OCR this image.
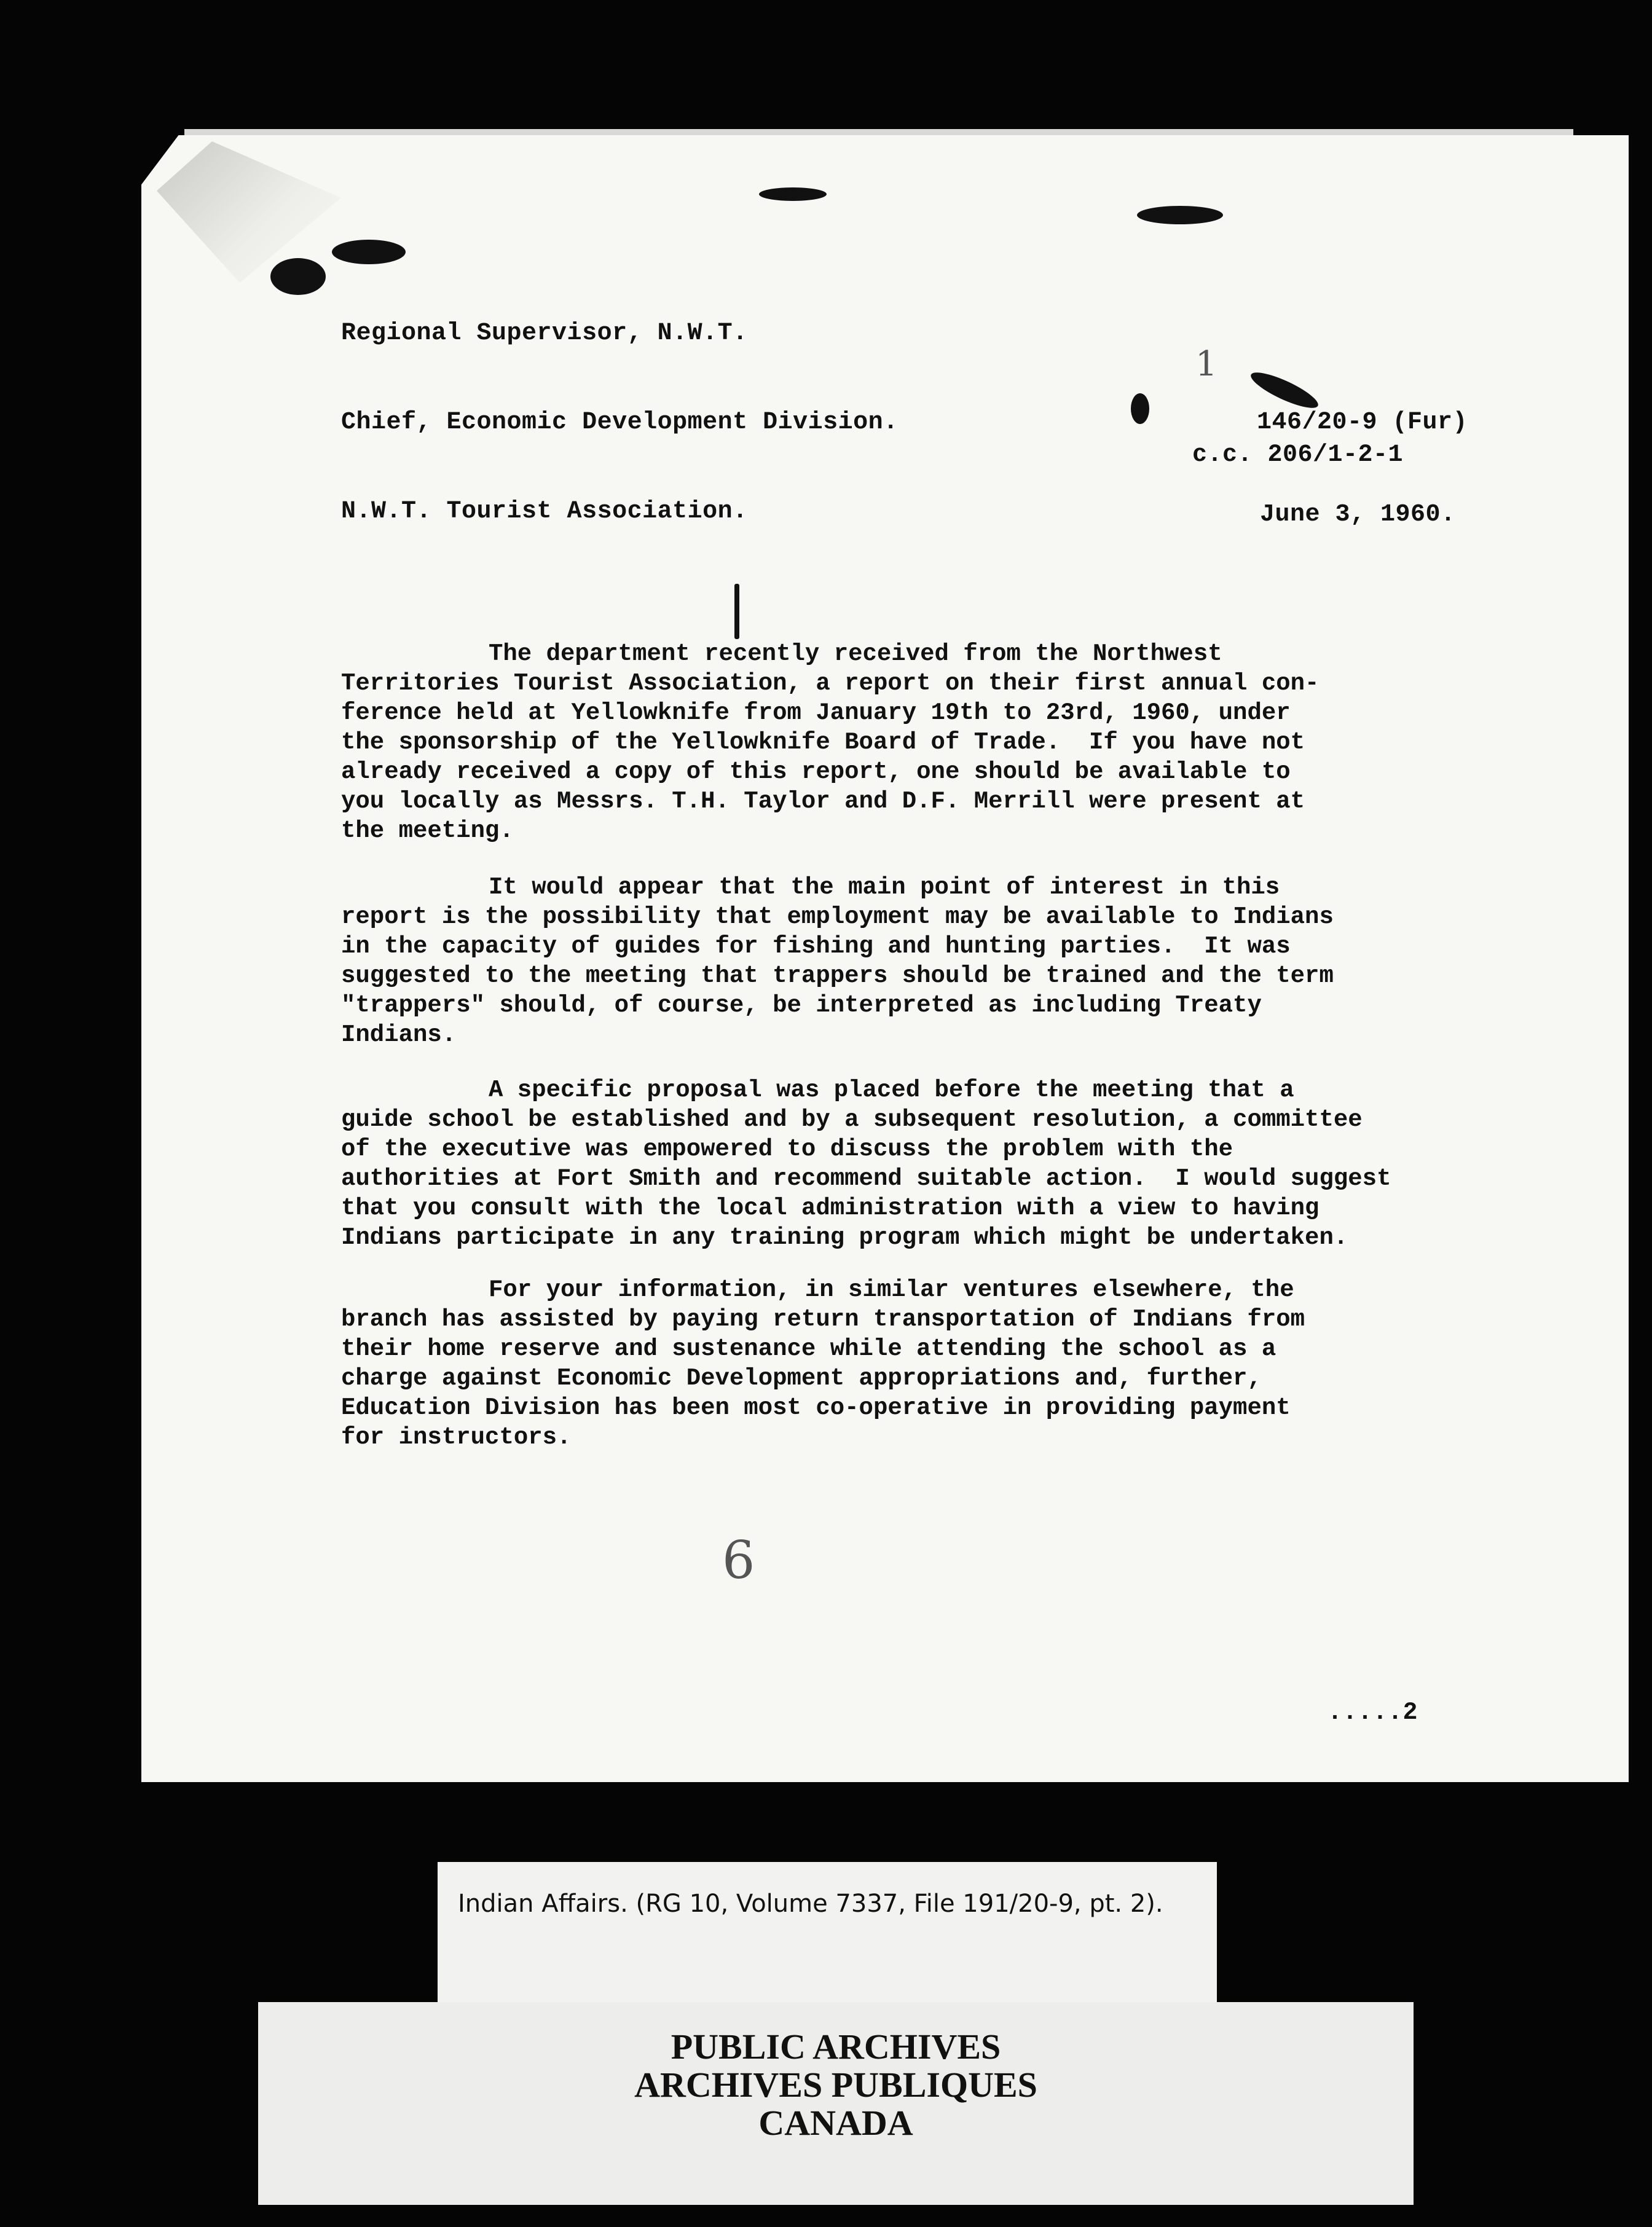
Regional Supervisor, N.W.T.
Chief, Economic Development Division.
N.W.T. Tourist Association.
146/20-9 (Fur)
c.c. 206/1-2-1
June 3, 1960.
The department recently received from the Northwest
Territories Tourist Association, a report on their first annual con-
ference held at Yellowknife from January 19th to 23rd, 1960, under
the sponsorship of the Yellowknife Board of Trade.  If you have not
already received a copy of this report, one should be available to
you locally as Messrs. T.H. Taylor and D.F. Merrill were present at
the meeting.
It would appear that the main point of interest in this
report is the possibility that employment may be available to Indians
in the capacity of guides for fishing and hunting parties.  It was
suggested to the meeting that trappers should be trained and the term
"trappers" should, of course, be interpreted as including Treaty
Indians.
A specific proposal was placed before the meeting that a
guide school be established and by a subsequent resolution, a committee
of the executive was empowered to discuss the problem with the
authorities at Fort Smith and recommend suitable action.  I would suggest
that you consult with the local administration with a view to having
Indians participate in any training program which might be undertaken.
For your information, in similar ventures elsewhere, the
branch has assisted by paying return transportation of Indians from
their home reserve and sustenance while attending the school as a
charge against Economic Development appropriations and, further,
Education Division has been most co-operative in providing payment
for instructors.
6
1
.....2
Indian Affairs. (RG 10, Volume 7337, File 191/20-9, pt. 2).
PUBLIC ARCHIVES
ARCHIVES PUBLIQUES
CANADA
